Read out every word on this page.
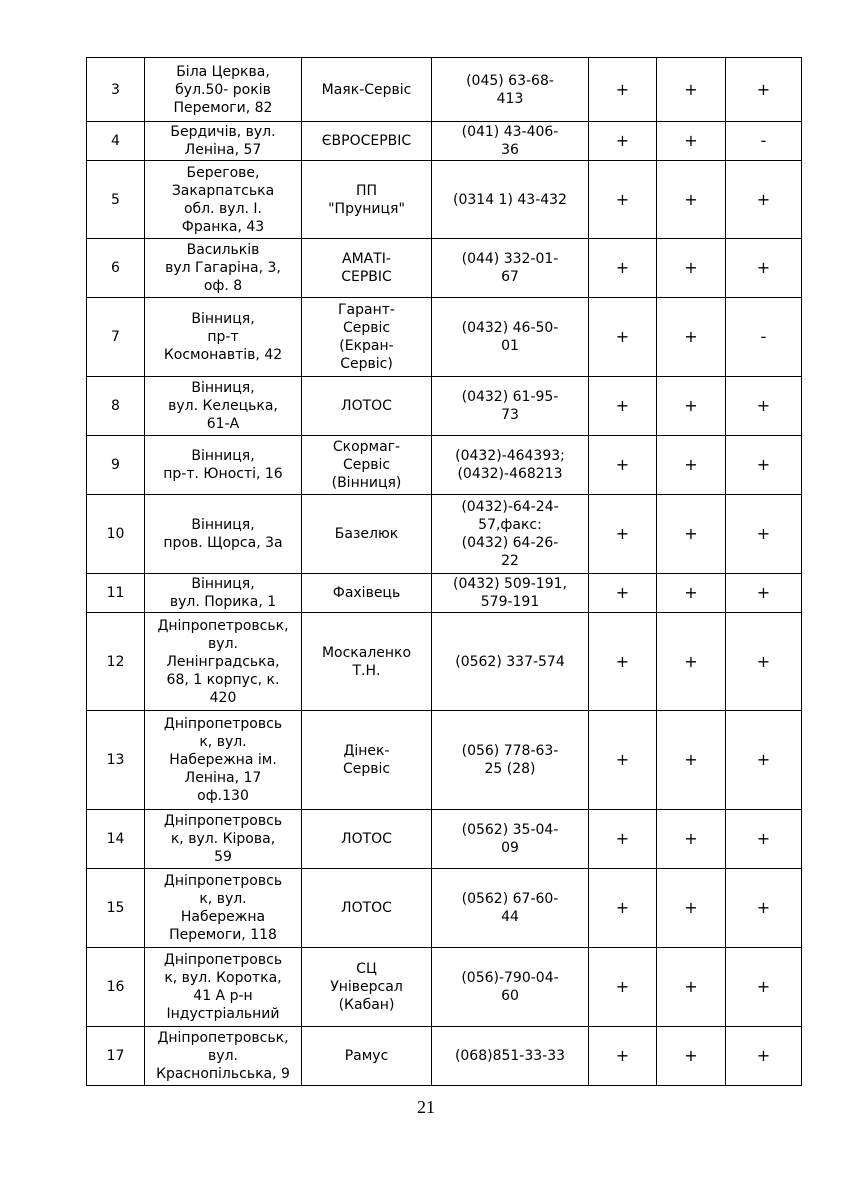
3	Біла Церква,
бул.50- років
Перемоги, 82	Маяк-Сервіс	(045) 63-68-
413	+	+	+
4	Бердичів, вул.
Леніна, 57	ЄВРОСЕРВІС	(041) 43-406-
36	+	+	-
5	Берегове,
Закарпатська
обл. вул. І.
Франка, 43	ПП
"Пруниця"	(0314 1) 43-432	+	+	+
6	Васильків
вул Гагаріна, 3,
оф. 8	АМАТІ-
СЕРВІС	(044) 332-01-
67	+	+	+
7	Вінниця,
пр-т
Космонавтів, 42	Гарант-
Сервіс
(Екран-
Сервіс)	(0432) 46-50-
01	+	+	-
8	Вінниця,
вул. Келецька,
61-А	ЛОТОС	(0432) 61-95-
73	+	+	+
9	Вінниця,
пр-т. Юності, 16	Скормаг-
Сервіс
(Вінниця)	(0432)-464393;
(0432)-468213	+	+	+
10	Вінниця,
пров. Щорса, 3а	Базелюк	(0432)-64-24-
57,факс:
(0432) 64-26-
22	+	+	+
11	Вінниця,
вул. Порика, 1	Фахівець	(0432) 509-191,
579-191	+	+	+
12	Дніпропетровськ,
вул.
Ленінградська,
68, 1 корпус, к.
420	Москаленко
Т.Н.	(0562) 337-574	+	+	+
13	Дніпропетровсь
к, вул.
Набережна ім.
Леніна, 17
оф.130	Дінек-
Сервіс	(056) 778-63-
25 (28)	+	+	+
14	Дніпропетровсь
к, вул. Кірова,
59	ЛОТОС	(0562) 35-04-
09	+	+	+
15	Дніпропетровсь
к, вул.
Набережна
Перемоги, 118	ЛОТОС	(0562) 67-60-
44	+	+	+
16	Дніпропетровсь
к, вул. Коротка,
41 А р-н
Індустріальний	СЦ
Універсал
(Кабан)	(056)-790-04-
60	+	+	+
17	Дніпропетровськ,
вул.
Краснопільська, 9	Рамус	(068)851-33-33	+	+	+
21
